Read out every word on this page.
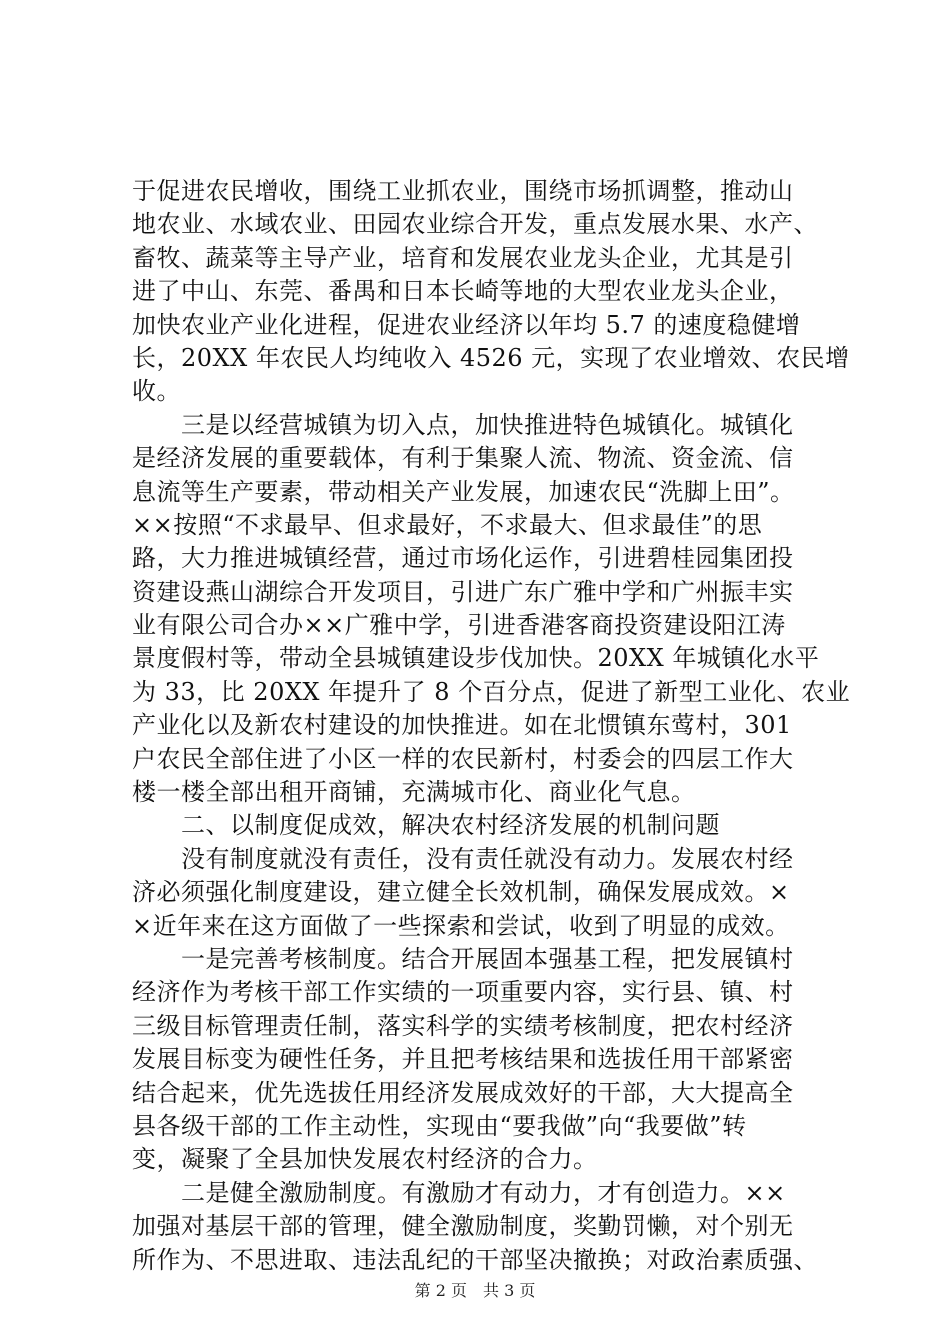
于促进农民增收，围绕工业抓农业，围绕市场抓调整，推动山
地农业、水域农业、田园农业综合开发，重点发展水果、水产、
畜牧、蔬菜等主导产业，培育和发展农业龙头企业，尤其是引
进了中山、东莞、番禺和日本长崎等地的大型农业龙头企业，
加快农业产业化进程，促进农业经济以年均 5.7 的速度稳健增
长，20XX 年农民人均纯收入 4526 元，实现了农业增效、农民增
收。
　　三是以经营城镇为切入点，加快推进特色城镇化。城镇化
是经济发展的重要载体，有利于集聚人流、物流、资金流、信
息流等生产要素，带动相关产业发展，加速农民“洗脚上田”。
××按照“不求最早、但求最好，不求最大、但求最佳”的思
路，大力推进城镇经营，通过市场化运作，引进碧桂园集团投
资建设燕山湖综合开发项目，引进广东广雅中学和广州振丰实
业有限公司合办××广雅中学，引进香港客商投资建设阳江涛
景度假村等，带动全县城镇建设步伐加快。20XX 年城镇化水平
为 33，比 20XX 年提升了 8 个百分点，促进了新型工业化、农业
产业化以及新农村建设的加快推进。如在北惯镇东莺村，301
户农民全部住进了小区一样的农民新村，村委会的四层工作大
楼一楼全部出租开商铺，充满城市化、商业化气息。
　　二、以制度促成效，解决农村经济发展的机制问题
　　没有制度就没有责任，没有责任就没有动力。发展农村经
济必须强化制度建设，建立健全长效机制，确保发展成效。×
×近年来在这方面做了一些探索和尝试，收到了明显的成效。
　　一是完善考核制度。结合开展固本强基工程，把发展镇村
经济作为考核干部工作实绩的一项重要内容，实行县、镇、村
三级目标管理责任制，落实科学的实绩考核制度，把农村经济
发展目标变为硬性任务，并且把考核结果和选拔任用干部紧密
结合起来，优先选拔任用经济发展成效好的干部，大大提高全
县各级干部的工作主动性，实现由“要我做”向“我要做”转
变，凝聚了全县加快发展农村经济的合力。
　　二是健全激励制度。有激励才有动力，才有创造力。××
加强对基层干部的管理，健全激励制度，奖勤罚懒，对个别无
所作为、不思进取、违法乱纪的干部坚决撤换；对政治素质强、
第 2 页　共 3 页
